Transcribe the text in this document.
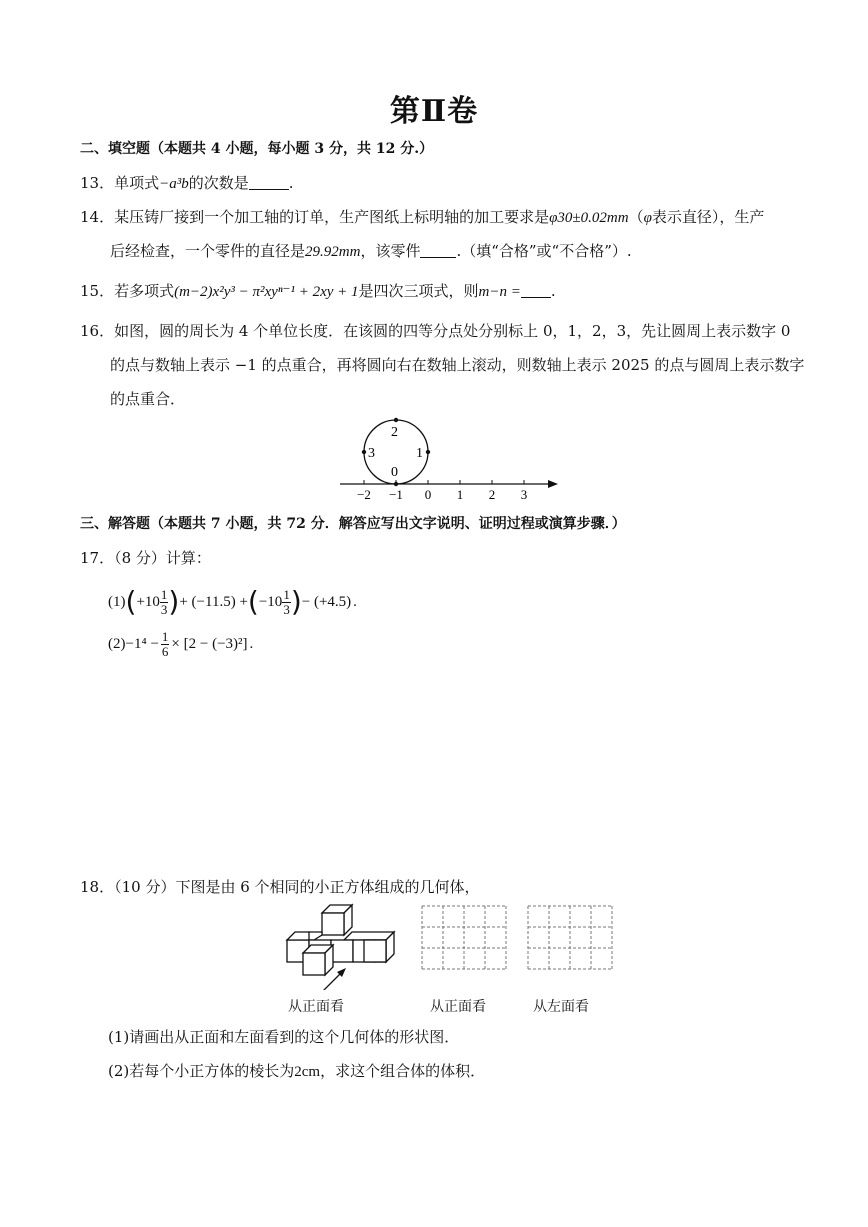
第Ⅱ卷
二、填空题（本题共 4 小题，每小题 3 分，共 12 分.）
13．单项式−a³b的次数是	.
14．某压铸厂接到一个加工轴的订单，生产图纸上标明轴的加工要求是φ30±0.02mm（φ表示直径），生产
后经检查，一个零件的直径是29.92mm，该零件 .（填“合格”或“不合格”）.
15．若多项式(m−2)x²y³ − π²xyⁿ⁻¹ + 2xy + 1是四次三项式，则m−n = .
16．如图，圆的周长为 4 个单位长度．在该圆的四等分点处分别标上 0，1，2，3，先让圆周上表示数字 0
的点与数轴上表示 −1 的点重合，再将圆向右在数轴上滚动，则数轴上表示 2025 的点与圆周上表示数字
的点重合．
2
3	1
0
−2 −1 0 1 2 3
三、解答题（本题共 7 小题，共 72 分．解答应写出文字说明、证明过程或演算步骤．）
17．（8 分）计算：
(1) ( $+10 \frac{1}{3}$ ) + (−11.5) + ( $-10 \frac{1}{3}$ ) − (+4.5) .
$(2) -1^4 - \frac{1}{6} \times [2 - (-3)^2]$ .
18．（10 分）下图是由 6 个相同的小正方体组成的几何体，
从正面看	从正面看	从左面看
(1)请画出从正面和左面看到的这个几何体的形状图．
(2)若每个小正方体的棱长为2cm，求这个组合体的体积．
